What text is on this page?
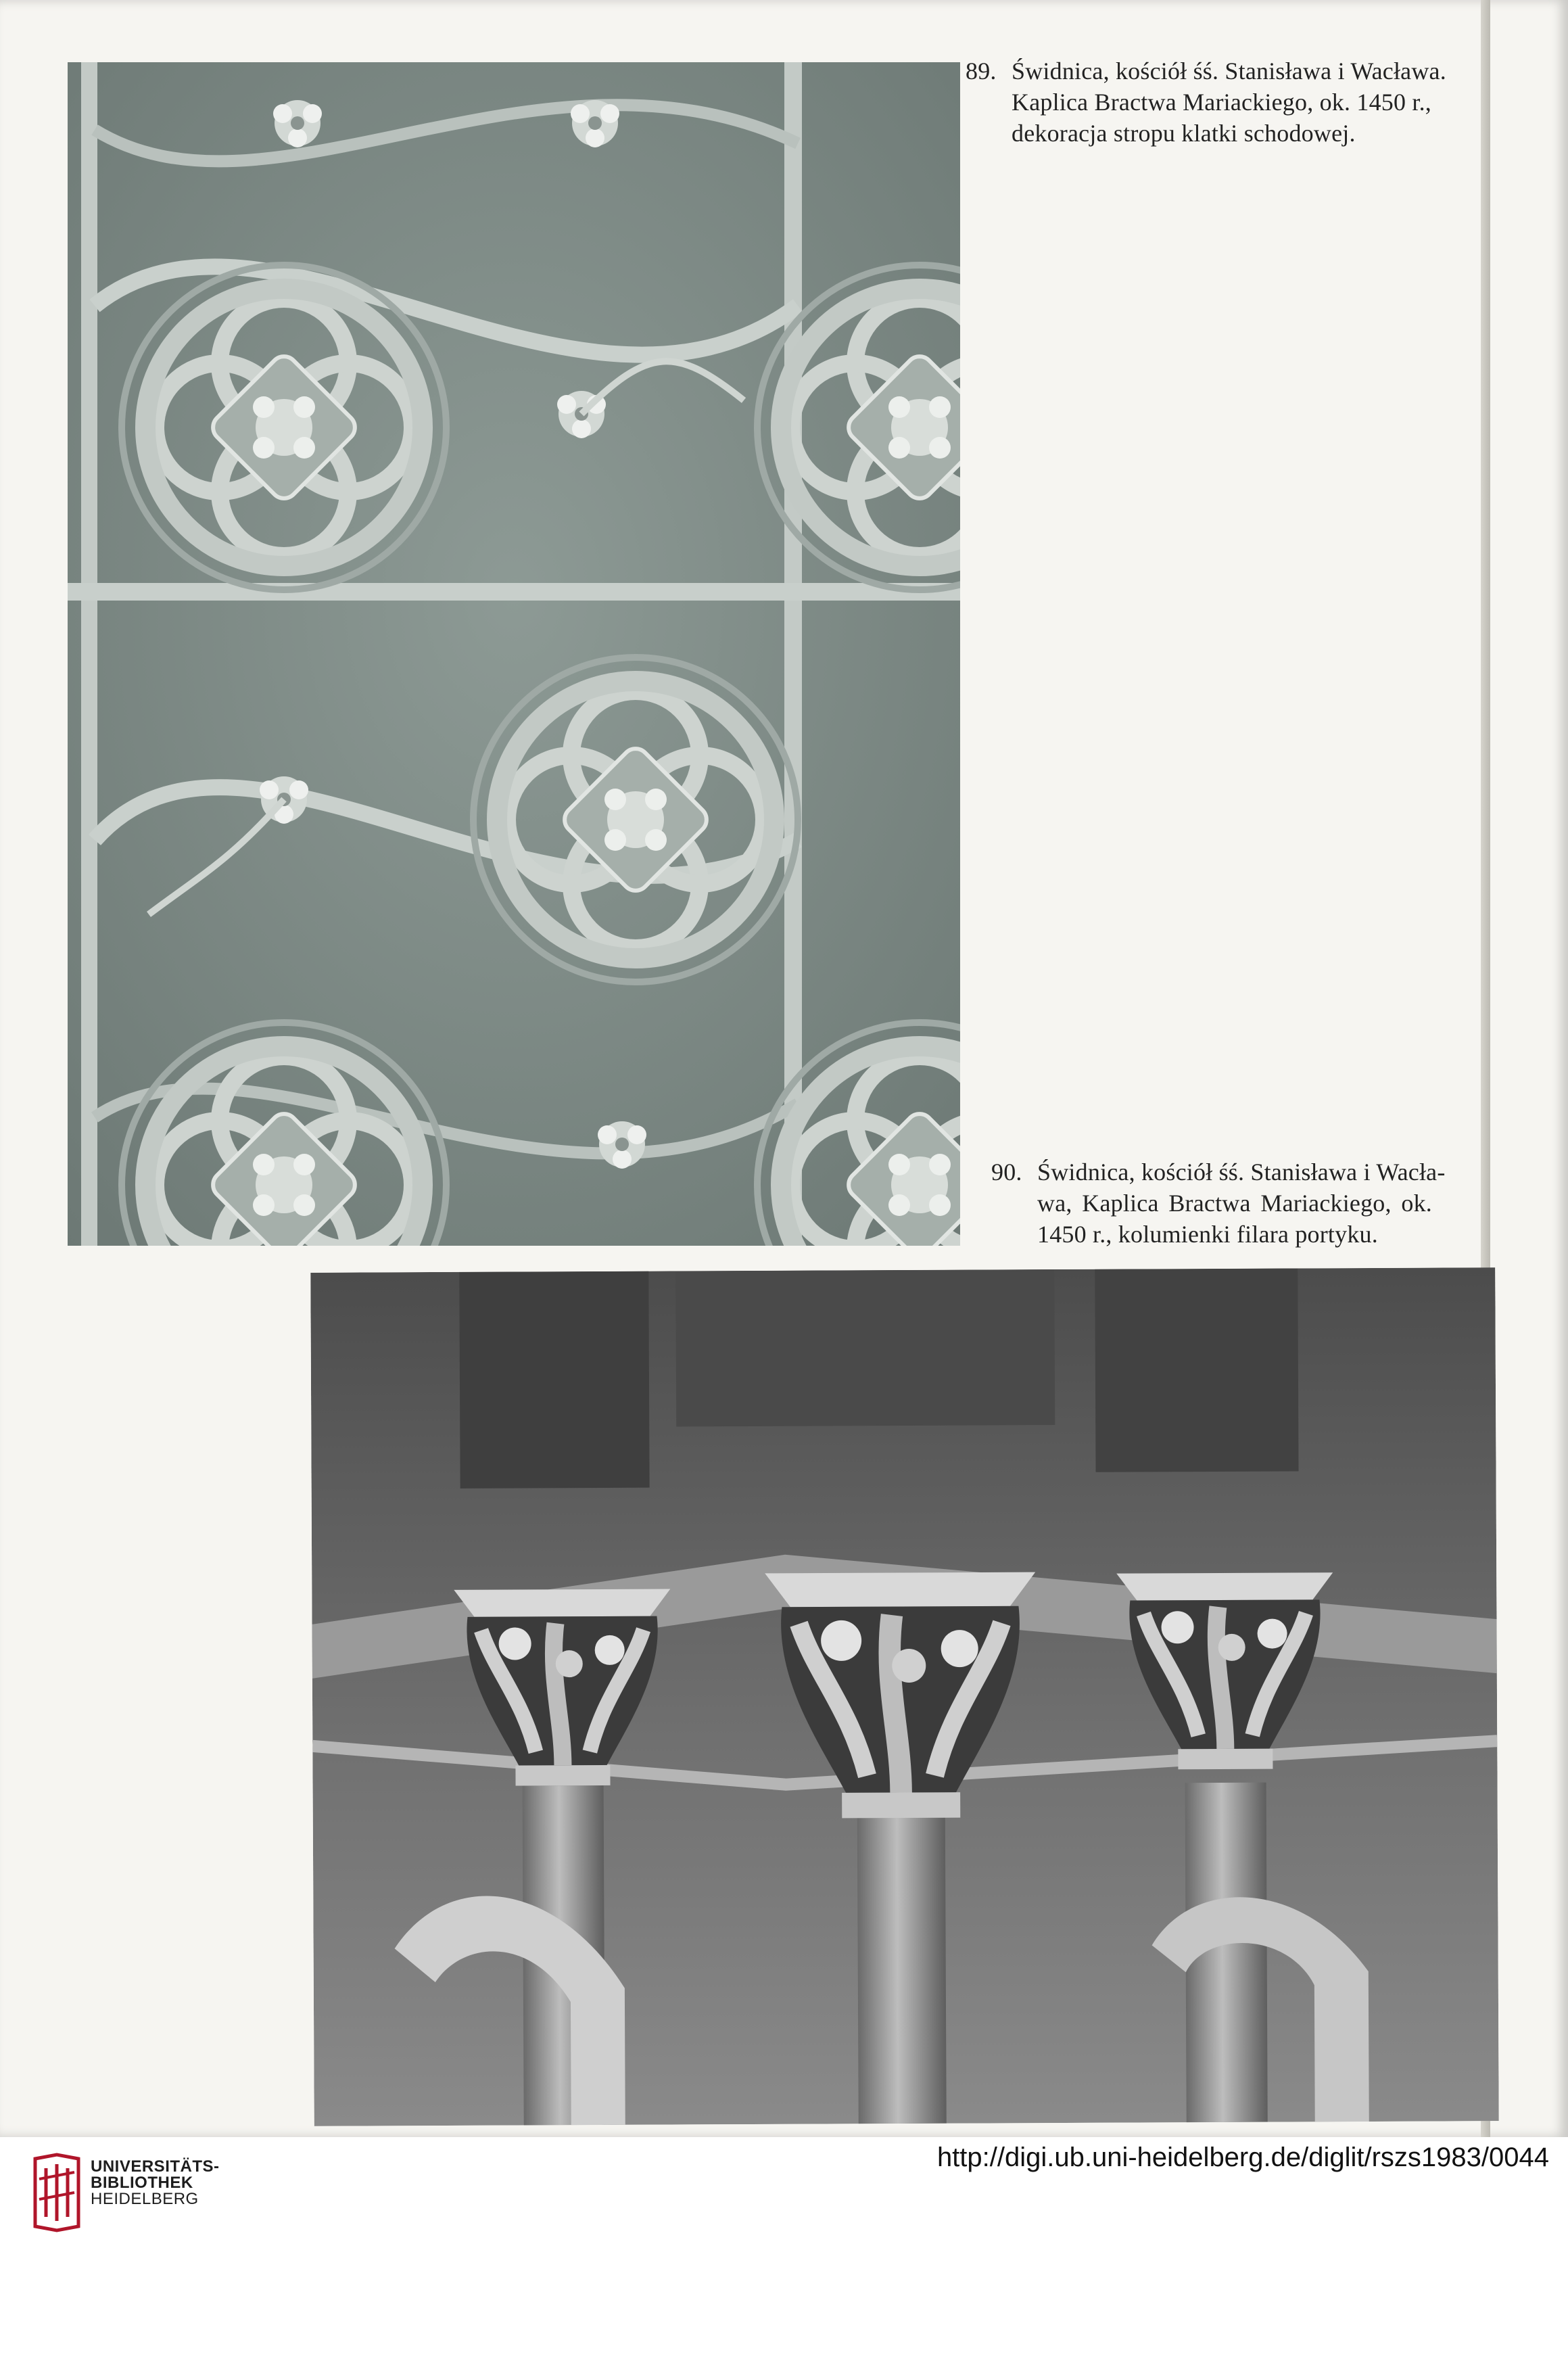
89. Świdnica, kościół śś. Stanisława i Wacława.
Kaplica Bractwa Mariackiego, ok. 1450 r.,
dekoracja stropu klatki schodowej.
90. Świdnica, kościół śś. Stanisława i Wacła-
wa, Kaplica Bractwa Mariackiego, ok.
1450 r., kolumienki filara portyku.
UNIVERSITÄTS-
BIBLIOTHEK
HEIDELBERG
http://digi.ub.uni-heidelberg.de/diglit/rszs1983/0044
